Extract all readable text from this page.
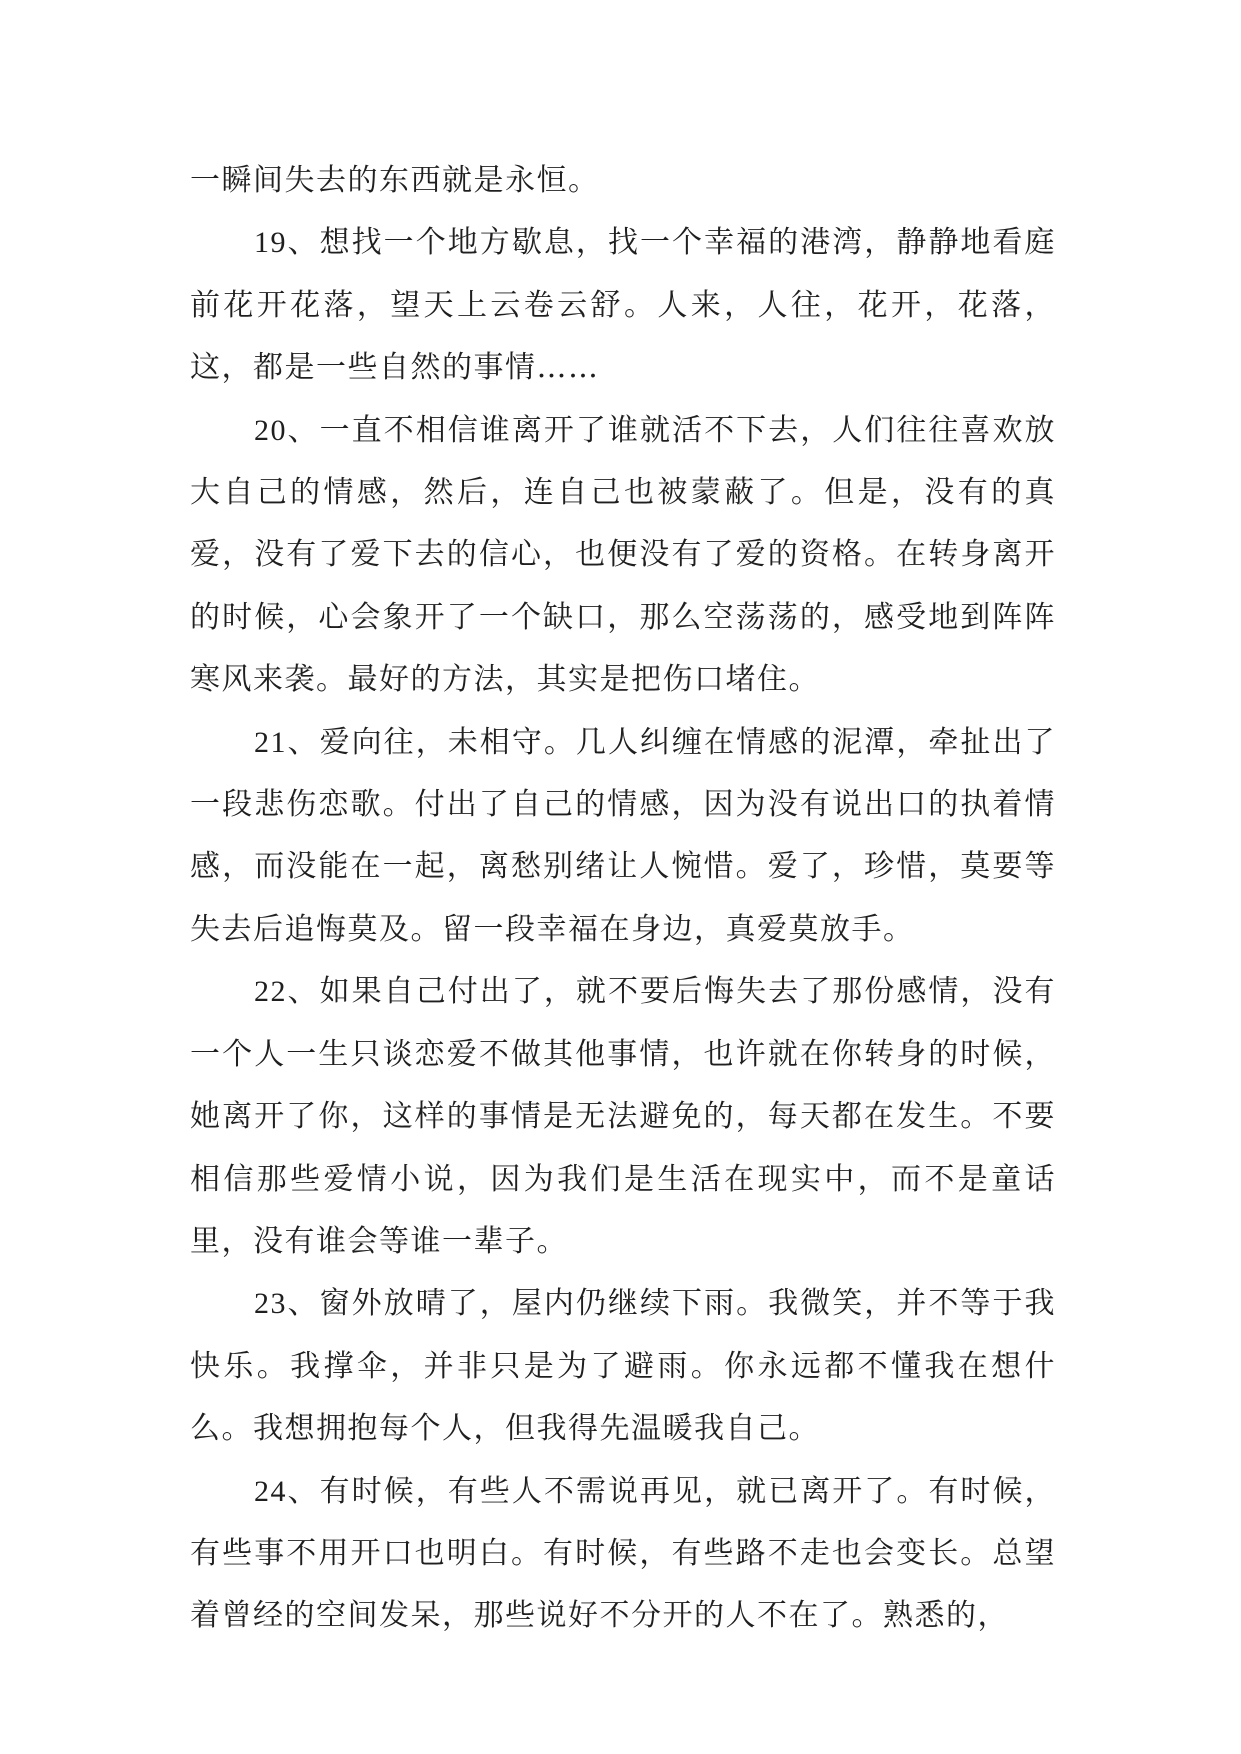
一瞬间失去的东西就是永恒。

19、想找一个地方歇息，找一个幸福的港湾，静静地看庭前花开花落，望天上云卷云舒。人来，人往，花开，花落，这，都是一些自然的事情……

20、一直不相信谁离开了谁就活不下去，人们往往喜欢放大自己的情感，然后，连自己也被蒙蔽了。但是，没有的真爱，没有了爱下去的信心，也便没有了爱的资格。在转身离开的时候，心会象开了一个缺口，那么空荡荡的，感受地到阵阵寒风来袭。最好的方法，其实是把伤口堵住。

21、爱向往，未相守。几人纠缠在情感的泥潭，牵扯出了一段悲伤恋歌。付出了自己的情感，因为没有说出口的执着情感，而没能在一起，离愁别绪让人惋惜。爱了，珍惜，莫要等失去后追悔莫及。留一段幸福在身边，真爱莫放手。

22、如果自己付出了，就不要后悔失去了那份感情，没有一个人一生只谈恋爱不做其他事情，也许就在你转身的时候，她离开了你，这样的事情是无法避免的，每天都在发生。不要相信那些爱情小说，因为我们是生活在现实中，而不是童话里，没有谁会等谁一辈子。

23、窗外放晴了，屋内仍继续下雨。我微笑，并不等于我快乐。我撑伞，并非只是为了避雨。你永远都不懂我在想什么。我想拥抱每个人，但我得先温暖我自己。

24、有时候，有些人不需说再见，就已离开了。有时候，有些事不用开口也明白。有时候，有些路不走也会变长。总望着曾经的空间发呆，那些说好不分开的人不在了。熟悉的，
